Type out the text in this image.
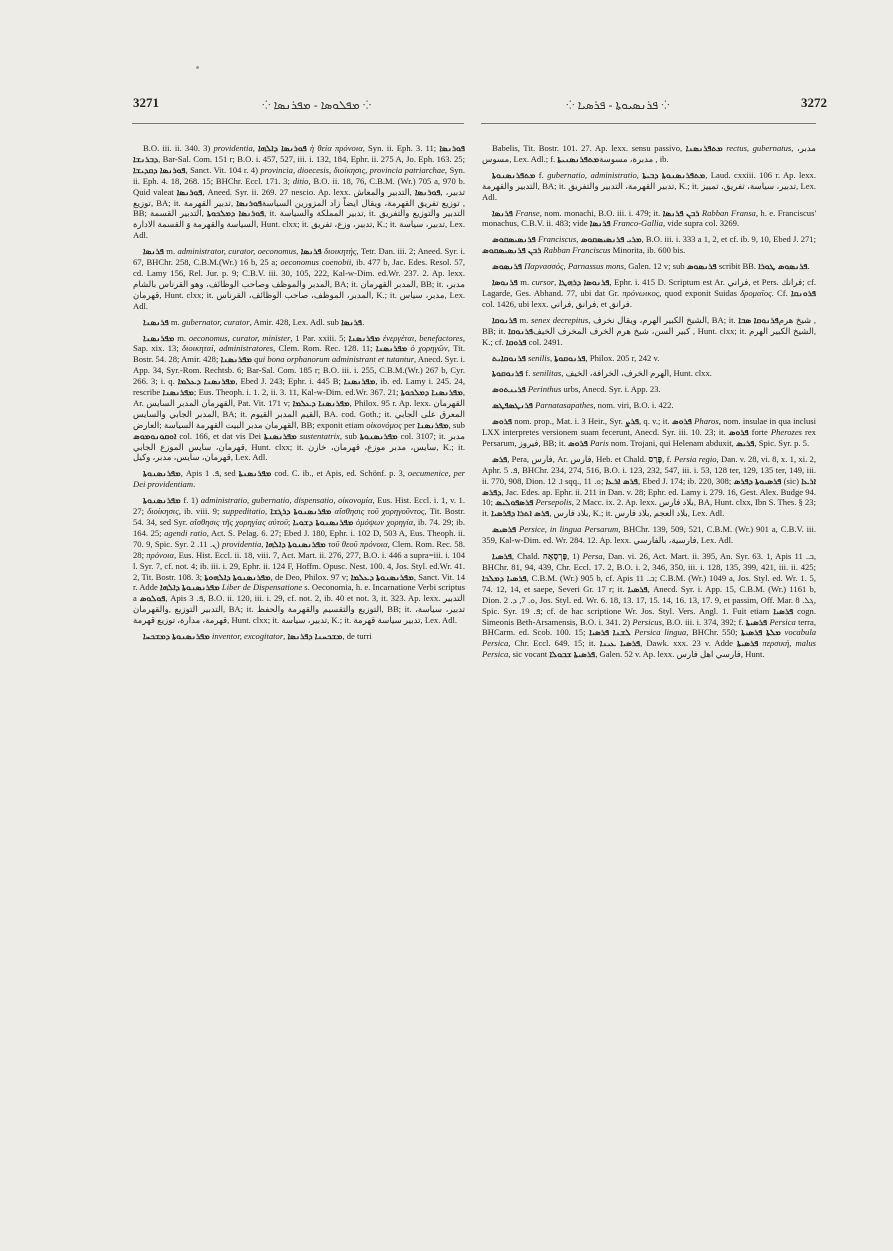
3271	⁘ ܡܦܠܘܣܐ - ܡܦܪܢܣܐ ⁘	⁘ ܦܪܢܣܝܘܬܐ - ܦܪܣܝܐ ⁘	3272

B.O. iii. ii. 340. 3) providentia, ܦܘܪܢܣܐ ܕܐܠܗܐ ἡ θεία πρόνοια, Syn. ii. Eph. 3. 11; ܦܘܪܢܣܐ ܕܒܪܢܫܐ, Bar-Sal. Com. 151 r; B.O. i. 457, 527, iii. i. 132, 184, Ephr. ii. 275 A, Jo. Eph. 163. 25; ܦܘܪܢܣܐ ܕܩܕܝܫܐ, Sanct. Vit. 104 r. 4) provincia, dioecesis, διοίκησις, provincia patriarchae, Syn. ii. Eph. 4. 18, 268. 15; BHChr. Eccl. 171. 3; ditio, B.O. ii. 18, 76, C.B.M. (Wr.) 705 a, 970 b. Quid valeat ܦܘܪܢܣܐ, Aneed. Syr. ii. 269. 27 nescio. Ap. lexx. التدبير والمعاش, ܦܘܪܢܣܐ, تدبير، توزيع, BA; it. تدبير القهرمة, ܦܘܪܢܣܐ توزيع تفريق القهرمة، ويقال ايضاً زاد المزورين السياسة, BB; التدبير القسمة, ܦܘܪܢܣܐ ܕܡܠܟܘܬܐ, it. تدبير المملكة والسياسة, it. التدبير والتوزيع والتفريق السياسة والقهرمة وَ القسمة الادارة, Hunt. clxx; it. تدبير، وزع، تفريق, K.; it. تدبير، سياسة, Lex. Adl.

ܦܪܢܣܐ m. administrator, curator, oeconomus, ܦܪܢܣܐ διοικητής, Tetr. Dan. iii. 2; Aneed. Syr. i. 67, BHChr. 258, C.B.M.(Wr.) 16 b, 25 a; oeconomus coenobii, ib. 477 b, Jac. Edes. Resol. 57, cd. Lamy 156, Rel. Jur. p. 9; C.B.V. iii. 30, 105, 222, Kal-w-Dim. ed.Wr. 237. 2. Ap. lexx. المدبر والموظف وصاحب الوظائف، وهو القرناس بالشام, BA; it. المدبر القهرمان, BB; it. مدبر، قهرمان, Hunt. clxx; it. المدبر، الموظف، صاحب الوظائف، القرناس, K.; it. مدبر، سياس, Lex. Adl.

ܦܪܢܣܢܐ m. gubernator, curator, Amir. 428, Lex. Adl. sub ܦܪܢܣܐ.

ܡܦܪܢܣܢܐ m. oeconomus, curator, minister, 1 Par. xxiii. 5; ܡܦܪܢܣܢܐ ἐνεργέται, benefactores, Sap. xix. 13; διοικηταί, administratores, Clem. Rom. Rec. 128. 11; ܡܦܪܢܣܢܐ ὁ χορηγῶν, Tit. Bostr. 54. 28; Amir. 428; ܡܦܪܢܣܢܐ qui bona orphanorum administrant et tutantur, Anecd. Syr. i. App. 34, Syr.-Rom. Rechtsb. 6; Bar-Sal. Com. 185 r; B.O. iii. i. 255, C.B.M.(Wr.) 267 b, Cyr. 266. 3; i. q. ܡܦܪܢܣܢܐ ܕܥܠܡܐ, Ebed J. 243; Ephr. i. 445 B; ܡܦܪܢܣܢܐ, ib. ed. Lamy i. 245. 24, rescribe ܡܦܪܢܣܢܐ; Eus. Theoph. i. 1. 2, ii. 3. 11, Kal-w-Dim. ed.Wr. 367. 21; ܡܦܪܢܣܢܐ ܕܡܠܟܘܬܐ, Ar. القهرمان المدبر السايس, Pat. Vit. 171 v; ܡܦܪܢܣܢܐ ܕܥܠܡܐ, Philox. 95 r. Ap. lexx. القهرمان المدبر الجابي والسايس, BA; it. القيم المدبر القيوم, BA. cod. Goth.; it. المعرق على الجابي العارض; القهرمان مدبر البيت القهرمة السياسة, BB; exponit etiam οἰκονόμος per ܡܦܪܢܣܢܐ, sub ܐܘܩܘܢܘܡܘܣ col. 166, et dat vis Dei ܡܦܪܢܣܢܬܐ sustentatrix, sub ܡܦܪܢܣܢܘܬܐ col. 3107; it. مدبر قهرمان، سايس الموزع الجابي, Hunt. clxx; it. سايس، مدبر موزع، قهرمان، خازن, K.; it. قهرمان، سايس، مدبر، وكيل, Lex. Adl.

ܡܦܪܢܣܢܘܬܐ, Apis ܦ. 1, sed ܡܦܪܢܣܢܬܐ cod. C. ib., et Apis, ed. Schönf. p. 3, oecumenice, per Dei providentiam.

ܡܦܪܢܣܢܘܬܐ f. 1) administratio, gubernatio, dispensatio, οἰκονομία, Eus. Hist. Eccl. i. 1, v. 1. 27; διοίκησις, ib. viii. 9; suppeditatio, ܡܦܪܢܣܢܘܬܐ ܕܪܓܫܐ αἴσθησις τοῦ χορηγοῦντος, Tit. Bostr. 54. 34, sed Syr. αἴσθησις τῆς χορηγίας αὐτοῦ; ܡܦܪܢܣܢܘܬܐ ܕܫܘܝܐ ὁμόψων χορηγία, ib. 74. 29; ib. 164. 25; agendi ratio, Act. S. Pelag. 6. 27; Ebed J. 180, Ephr. i. 102 D, 503 A, Eus. Theoph. ii. 70. 9, Spic. Syr. ܢ. 11. 2) providentia, ܡܦܪܢܣܢܘܬܐ ܕܐܠܗܐ τοῦ θεοῦ πρόνοια, Clem. Rom. Rec. 58. 28; πρόνοια, Eus. Hist. Eccl. ii. 18, viii. 7, Act. Mart. ii. 276, 277, B.O. i. 446 a supra=iii. i. 104 l. Syr. 7, cf. not. 4; ib. iii. i. 29, Ephr. ii. 124 F, Hoffm. Opusc. Nest. 100. 4, Jos. Styl. ed.Wr. 41. 2, Tit. Bostr. 108. 3; ܡܦܪܢܣܢܘܬܐ ܕܐܠܗܘܬܐ, de Deo, Philox. 97 v; ܡܦܪܢܣܢܘܬܐ ܕܥܠܡܐ, Sanct. Vit. 14 r. Adde ܡܦܪܢܣܢܘܬܐ ܕܐܠܗܐ Liber de Dispensatione s. Oeconomia, h. e. Incarnatione Verbi scriptus a ܦܘܠܘܣ, Apis ܦ. 3, B.O. ii. 120, iii. i. 29, cf. not. 2, ib. 40 et not. 3, it. 323. Ap. lexx. التدبير والقهرمان, التدبير التوزيع, BA; it. التوزيع والتقسيم والقهرمة والحفظ, BB; it. تدبير، سياسة، قهرمة، مدارة، توزيع قهرمة, Hunt. clxx; it. تدبير، سياسة, K.; it. تدبير سياسة قهرمة, Lex. Adl.

ܡܦܪܢܣܢܘܬܐ ܕܡܫܟܚܐ inventor, excogitator, ܡܫܟܚܢܐ ܕܦܪܢܣܐ, de turri

Babelis, Tit. Bostr. 101. 27. Ap. lexx. sensu passivo, ܡܬܦܪܢܣܢܐ rectus, gubernatus, مدبر، مسوس, Lex. Adl.; f. ܡܬܦܪܢܣܢܝܬܐ مدبرة، مسوسة, ib.

ܡܬܦܪܢܣܢܘܬܐ f. gubernatio, administratio, ܡܬܦܪܢܣܢܘܬܐ ܕܒܝܬܐ, Laud. cxxiii. 106 r. Ap. lexx. التدبير والقهرمة, BA; it. تدبير القهرمة، التدبير والتفريق, K.; it. تدبير، سياسة، تفريق، تمييز, Lex. Adl.

ܦܪܢܣܐ Franse, nom. monachi, B.O. iii. i. 479; it. ܪܒܢ ܦܪܢܣܐ Rabban Fransa, h. e. Franciscus' monachus, C.B.V. ii. 483; vide ܦܪܢܣܐ Franco-Gallia, vide supra col. 3269.

ܦܪܢܣܝܣܩܘܣ Franciscus, ܡܪܝ ܦܪܢܣܝܣܩܘܣ, B.O. iii. i. 333 a 1, 2, et cf. ib. 9, 10, Ebed J. 271; ܪܒܢ ܦܪܢܣܝܣܩܘܣ Rabban Franciscus Minorita, ib. 600 bis.

ܦܪܢܣܘܣ Παρνασσός, Parnassus mons, Galen. 12 v; sub ܦܪܢܣܘܣ scribit BB. ܦܪܢܣܘܣ ܛܘܪܐ.

ܦܪܢܘܣܐ m. cursor, ܦܪܢܘܣܐ ܕܪܗܛܐ, Ephr. i. 415 D. Scriptum est Ar. فراني, et Pers. فرانك; cf. Lagarde, Ges. Abhand. 77, ubi dat Gr. πρόνωικος, quod exponit Suidas δρομαῖος. Cf. ܦܪܘܢܩܐ col. 1426, ubi lexx. فراني, فرانق, et فرانق.

ܦܪܢܘܩܐ m. senex decrepitus, الشيخ الكبير الهرم، ويقال نخرف, BA; it. ܦܪܢܘܩܐ ܣܒܐ شيخ هرم, BB; it. ܦܪܢܘܩܐ كبير السن، شيخ هرم الخرف المخرف الخيف, Hunt. clxx; it. الشيخ الكبير الهرم, K.; cf. ܦܪܘܩܐ col. 2491.

ܦܪܢܘܩܐܝܬ senilis, ܦܪܢܘܩܘܬܐ, Philox. 205 r, 242 v.

ܦܪܢܘܩܘܬܐ f. senilitas, الهرم الخرف، الخرافة، الخيف, Hunt. clxx.

ܦܪܝܢܬܘܣ Perinthus urbs, Anecd. Syr. i. App. 23.

ܦܪܢܛܣܦܛܣ Parnatasapathes, nom. viri, B.O. i. 422.

ܦܪܘܣ nom. prop., Mat. i. 3 Heir., Syr. ܦܪܨ, q. v.; it. ܦܪܘܣ Pharos, nom. insulae in qua inclusi LXX interpretes versionem suam fecerunt, Anecd. Syr. iii. 10. 23; it. ܦܪܘܣ forte Pherozes rex Persarum, فيروز, BB; it. ܦܪܘܣ Paris nom. Trojani, qui Helenam abduxit, ܦܪܝܣ, Spic. Syr. p. 5.

ܦܪܣ, Pera, فارس, Ar. فارس, Heb. et Chald. פָּרַס, f. Persia regio, Dan. v. 28, vi. 8, x. 1, xi. 2, Aphr. ܦ. 5, BHChr. 234, 274, 516, B.O. i. 123, 232, 547, iii. i. 53, 128 ter, 129, 135 ter, 149, iii. ii. 770, 908, Dion. ܐ. 12 sqq., ܘ. 11; ܦܪܣ ܐܪܥܐ, Ebed J. 174; ib. 220, 308; ܦܪܣܝܘܬܐ ܕܦܪܣ (sic) ܐܪܥܐ ܕܦܪܣ, Jac. Edes. ap. Ephr. ii. 211 in Dan. v. 28; Ephr. ed. Lamy i. 279. 16, Gest. Alex. Budge 94. 10; ܦܪܣܦܘܠܝܣ Persepolis, 2 Macc. ix. 2. Ap. lexx. بلاد فارس, BA, Hunt. clxx, Ibn S. Thes. § 23; it. ܦܪܣ ܐܬܪܐ ܕܦܪܣܝܐ, بلاد فارس, K.; it. بلاد فارس, بلاد العجم, Lex. Adl.

ܦܪܣܝܣ Persice, in lingua Persarum, BHChr. 139, 509, 521, C.B.M. (Wr.) 901 a, C.B.V. iii. 359, Kal-w-Dim. ed. Wr. 284. 12. Ap. lexx. فارسية، بالفارسي, Lex. Adl.

ܦܪܣܝܐ, Chald. פָּרְסָאָה, 1) Persa, Dan. vi. 26, Act. Mart. ii. 395, An. Syr. 63. 1, Apis ܒ. 11, BHChr. 81, 94, 439, Chr. Eccl. 17. 2, B.O. i. 2, 346, 350, iii. i. 128, 135, 399, 421, iii. ii. 425; ܦܪܣܝܐ ܕܡܠܟܐ, C.B.M. (Wr.) 905 b, cf. Apis ܒ. 11; C.B.M. (Wr.) 1049 a, Jos. Styl. ed. Wr. 1. 5, 74. 12, 14, et saepe, Severi Gr. 17 r; it. ܦܪܣܝܐ, Anecd. Syr. i. App. 15, C.B.M. (Wr.) 1161 b, Dion. ܘ. 7, ܕ. 2, Jos. Styl. ed. Wr. 6. 18, 13. 17, 15. 14, 16. 13, 17. 9, et passim, Off. Mar. ܓܠ. 8, Spic. Syr. ܦ. 19; cf. de hac scriptione Wr. Jos. Styl. Vers. Angl. 1. Fuit etiam ܦܪܣܝܐ cogn. Simeonis Beth-Arsamensis, B.O. i. 341. 2) Persicus, B.O. iii. i. 374, 392; f. ܦܪܣܝܬܐ Persica terra, BHCarm. ed. Scob. 100. 15; ܠܫܢܐ ܦܪܣܝܐ Persica lingua, BHChr. 550; ܡܠܬܐ ܦܪܣܝܬܐ vocabula Persica, Chr. Eccl. 649. 15; it. ܦܪܣܝܐ ܥܝܢܐ, Dawk. xxx. 23 v. Adde ܦܪܣܝܬܐ περσική, malus Persica, sic vocant ܦܪܣܝܬܐ ܫܒܘܠܐ, Galen. 52 v. Ap. lexx. فارسي اهل فارس, Hunt.
